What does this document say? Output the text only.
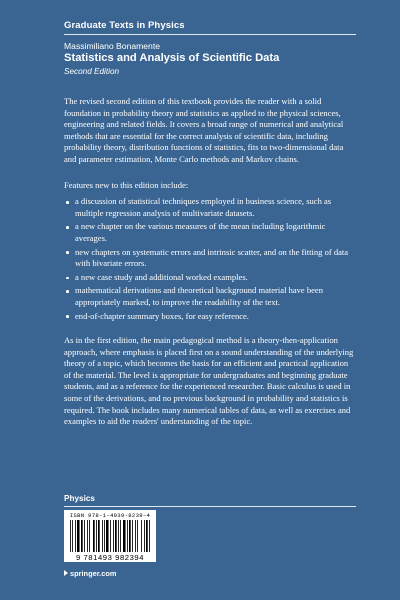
Graduate Texts in Physics
Massimiliano Bonamente
Statistics and Analysis of Scientific Data
Second Edition

The revised second edition of this textbook provides the reader with a solid foundation in probability theory and statistics as applied to the physical sciences, engineering and related fields. It covers a broad range of numerical and analytical methods that are essential for the correct analysis of scientific data, including probability theory, distribution functions of statistics, fits to two-dimensional data and parameter estimation, Monte Carlo methods and Markov chains.

Features new to this edition include:

a discussion of statistical techniques employed in business science, such as multiple regression analysis of multivariate datasets.
a new chapter on the various measures of the mean including logarithmic averages.
new chapters on systematic errors and intrinsic scatter, and on the fitting of data with bivariate errors.
a new case study and additional worked examples.
mathematical derivations and theoretical background material have been appropriately marked, to improve the readability of the text.
end-of-chapter summary boxes, for easy reference.

As in the first edition, the main pedagogical method is a theory-then-application approach, where emphasis is placed first on a sound understanding of the underlying theory of a topic, which becomes the basis for an efficient and practical application of the material. The level is appropriate for undergraduates and beginning graduate students, and as a reference for the experienced researcher. Basic calculus is used in some of the derivations, and no previous background in probability and statistics is required. The book includes many numerical tables of data, as well as exercises and examples to aid the readers' understanding of the topic.

Physics
ISBN 978-1-4939-8239-4
9 781493 982394
springer.com
